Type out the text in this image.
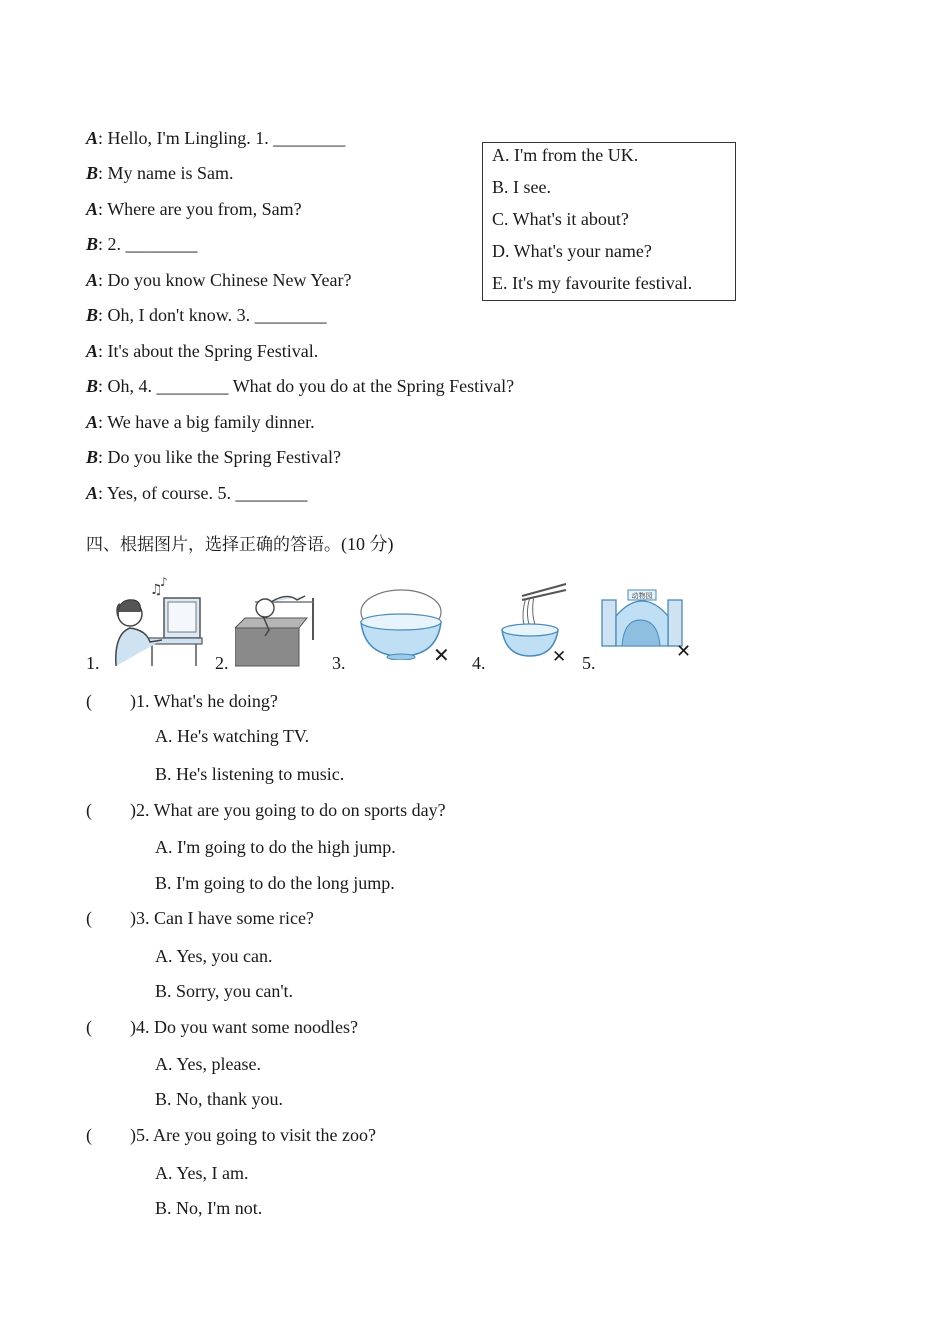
A: Hello, I'm Lingling. 1. ________
B: My name is Sam.
A: Where are you from, Sam?
B: 2. ________
A: Do you know Chinese New Year?
B: Oh, I don't know. 3. ________
A: It's about the Spring Festival.
B: Oh, 4. ________ What do you do at the Spring Festival?
A: We have a big family dinner.
B: Do you like the Spring Festival?
A: Yes, of course. 5. ________
A. I'm from the UK.
B. I see.
C. What's it about?
D. What's your name?
E. It's my favourite festival.
四、根据图片，选择正确的答语。(10 分)
1.
♫
♪
2.	3.	✕ 4.	✕ 5.
动物园
✕
( )1. What's he doing?
A. He's watching TV.
B. He's listening to music.
( )2. What are you going to do on sports day?
A. I'm going to do the high jump.
B. I'm going to do the long jump.
( )3. Can I have some rice?
A. Yes, you can.
B. Sorry, you can't.
( )4. Do you want some noodles?
A. Yes, please.
B. No, thank you.
( )5. Are you going to visit the zoo?
A. Yes, I am.
B. No, I'm not.
